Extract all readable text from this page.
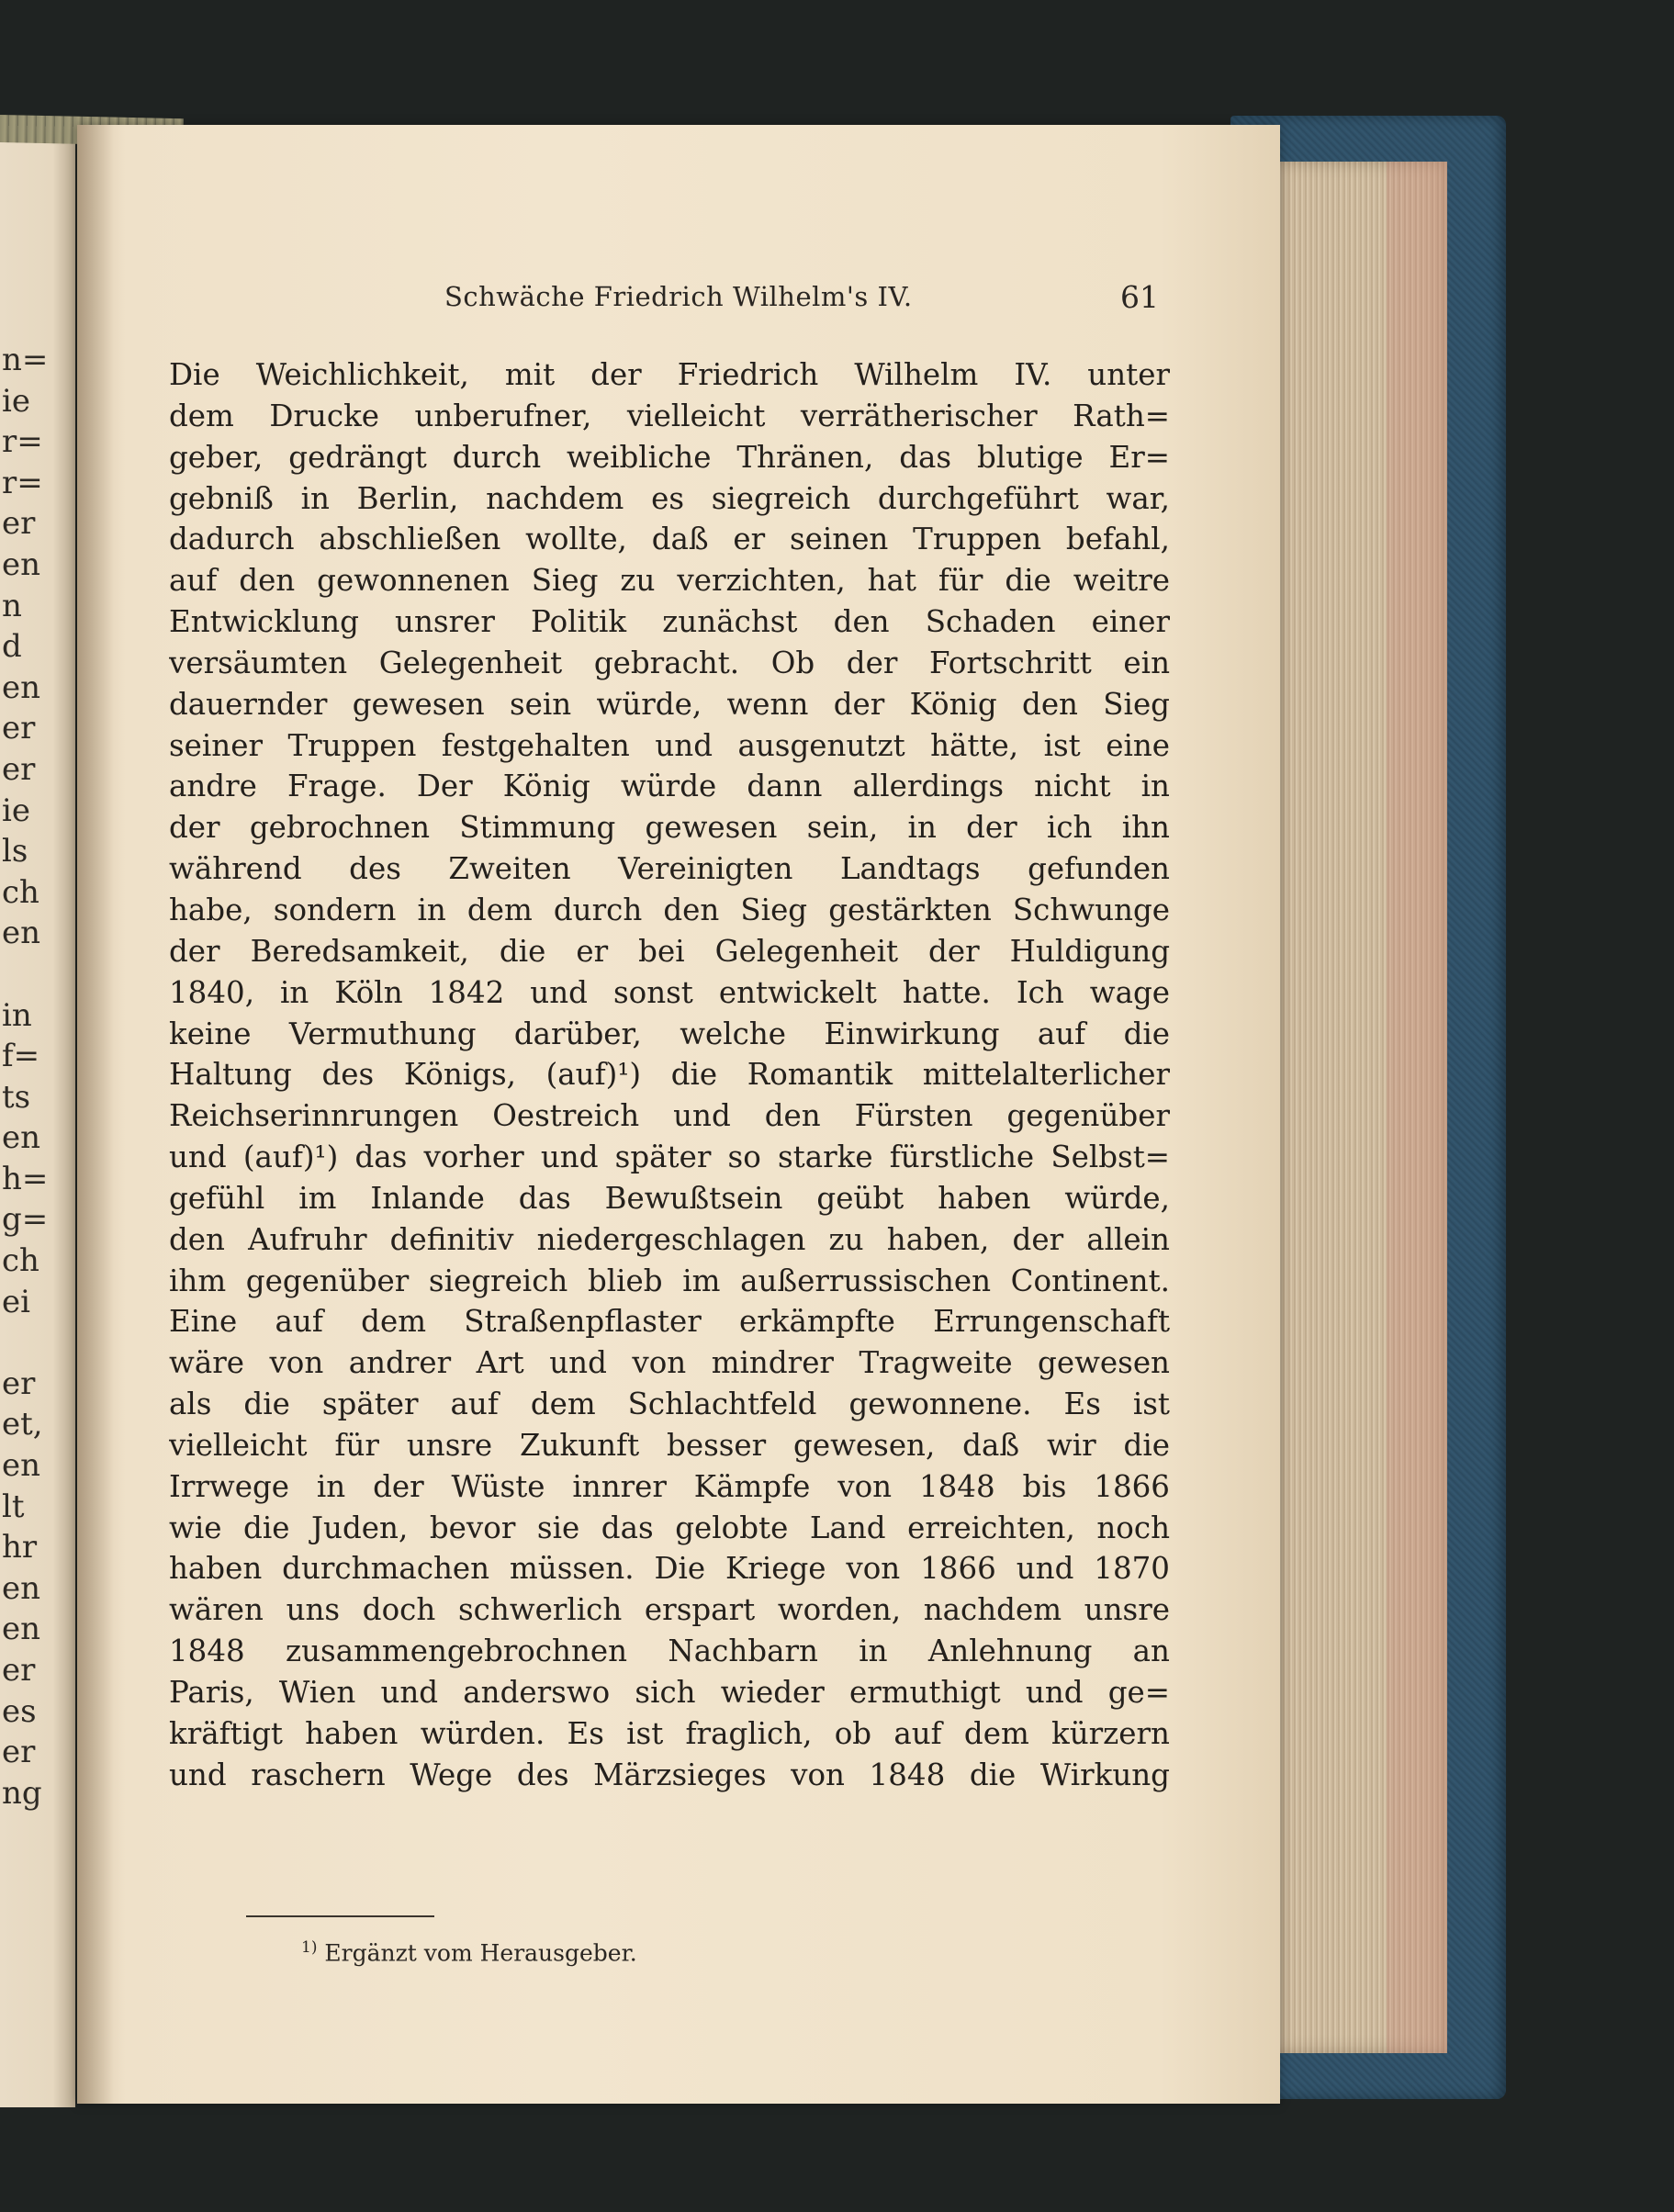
n=
ie
r=
r=
er
en
n
d
en
er
er
ie
ls
ch
en
in
f=
ts
en
h=
g=
ch
ei
er
et,
en
lt
hr
en
en
er
es
er
ng
Schwäche Friedrich Wilhelm's IV.	61
Die Weichlichkeit, mit der Friedrich Wilhelm IV. unter
dem Drucke unberufner, vielleicht verrätherischer Rath=
geber, gedrängt durch weibliche Thränen, das blutige Er=
gebniß in Berlin, nachdem es siegreich durchgeführt war,
dadurch abschließen wollte, daß er seinen Truppen befahl,
auf den gewonnenen Sieg zu verzichten, hat für die weitre
Entwicklung unsrer Politik zunächst den Schaden einer
versäumten Gelegenheit gebracht. Ob der Fortschritt ein
dauernder gewesen sein würde, wenn der König den Sieg
seiner Truppen festgehalten und ausgenutzt hätte, ist eine
andre Frage. Der König würde dann allerdings nicht in
der gebrochnen Stimmung gewesen sein, in der ich ihn
während des Zweiten Vereinigten Landtags gefunden
habe, sondern in dem durch den Sieg gestärkten Schwunge
der Beredsamkeit, die er bei Gelegenheit der Huldigung
1840, in Köln 1842 und sonst entwickelt hatte. Ich wage
keine Vermuthung darüber, welche Einwirkung auf die
Haltung des Königs, (auf)¹) die Romantik mittelalterlicher
Reichserinnrungen Oestreich und den Fürsten gegenüber
und (auf)¹) das vorher und später so starke fürstliche Selbst=
gefühl im Inlande das Bewußtsein geübt haben würde,
den Aufruhr definitiv niedergeschlagen zu haben, der allein
ihm gegenüber siegreich blieb im außerrussischen Continent.
Eine auf dem Straßenpflaster erkämpfte Errungenschaft
wäre von andrer Art und von mindrer Tragweite gewesen
als die später auf dem Schlachtfeld gewonnene. Es ist
vielleicht für unsre Zukunft besser gewesen, daß wir die
Irrwege in der Wüste innrer Kämpfe von 1848 bis 1866
wie die Juden, bevor sie das gelobte Land erreichten, noch
haben durchmachen müssen. Die Kriege von 1866 und 1870
wären uns doch schwerlich erspart worden, nachdem unsre
1848 zusammengebrochnen Nachbarn in Anlehnung an
Paris, Wien und anderswo sich wieder ermuthigt und ge=
kräftigt haben würden. Es ist fraglich, ob auf dem kürzern
und raschern Wege des Märzsieges von 1848 die Wirkung
$^{1)}$ Ergänzt vom Herausgeber.
